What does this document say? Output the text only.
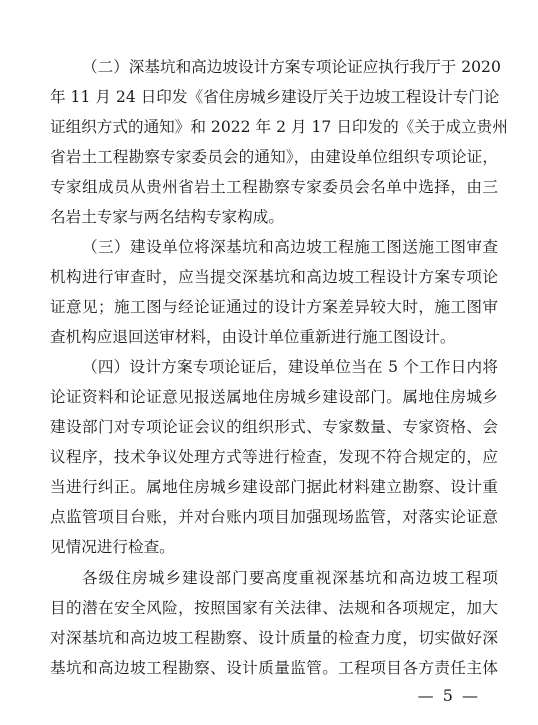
（二）深基坑和高边坡设计方案专项论证应执行我厅于 2020
年 11 月 24 日印发《省住房城乡建设厅关于边坡工程设计专门论
证组织方式的通知》和 2022 年 2 月 17 日印发的《关于成立贵州
省岩土工程勘察专家委员会的通知》，由建设单位组织专项论证，
专家组成员从贵州省岩土工程勘察专家委员会名单中选择，由三
名岩土专家与两名结构专家构成。
（三）建设单位将深基坑和高边坡工程施工图送施工图审查
机构进行审查时，应当提交深基坑和高边坡工程设计方案专项论
证意见；施工图与经论证通过的设计方案差异较大时，施工图审
查机构应退回送审材料，由设计单位重新进行施工图设计。
（四）设计方案专项论证后，建设单位当在 5 个工作日内将
论证资料和论证意见报送属地住房城乡建设部门。属地住房城乡
建设部门对专项论证会议的组织形式、专家数量、专家资格、会
议程序，技术争议处理方式等进行检查，发现不符合规定的，应
当进行纠正。属地住房城乡建设部门据此材料建立勘察、设计重
点监管项目台账，并对台账内项目加强现场监管，对落实论证意
见情况进行检查。
各级住房城乡建设部门要高度重视深基坑和高边坡工程项
目的潜在安全风险，按照国家有关法律、法规和各项规定，加大
对深基坑和高边坡工程勘察、设计质量的检查力度，切实做好深
基坑和高边坡工程勘察、设计质量监管。工程项目各方责任主体
— 5 —
